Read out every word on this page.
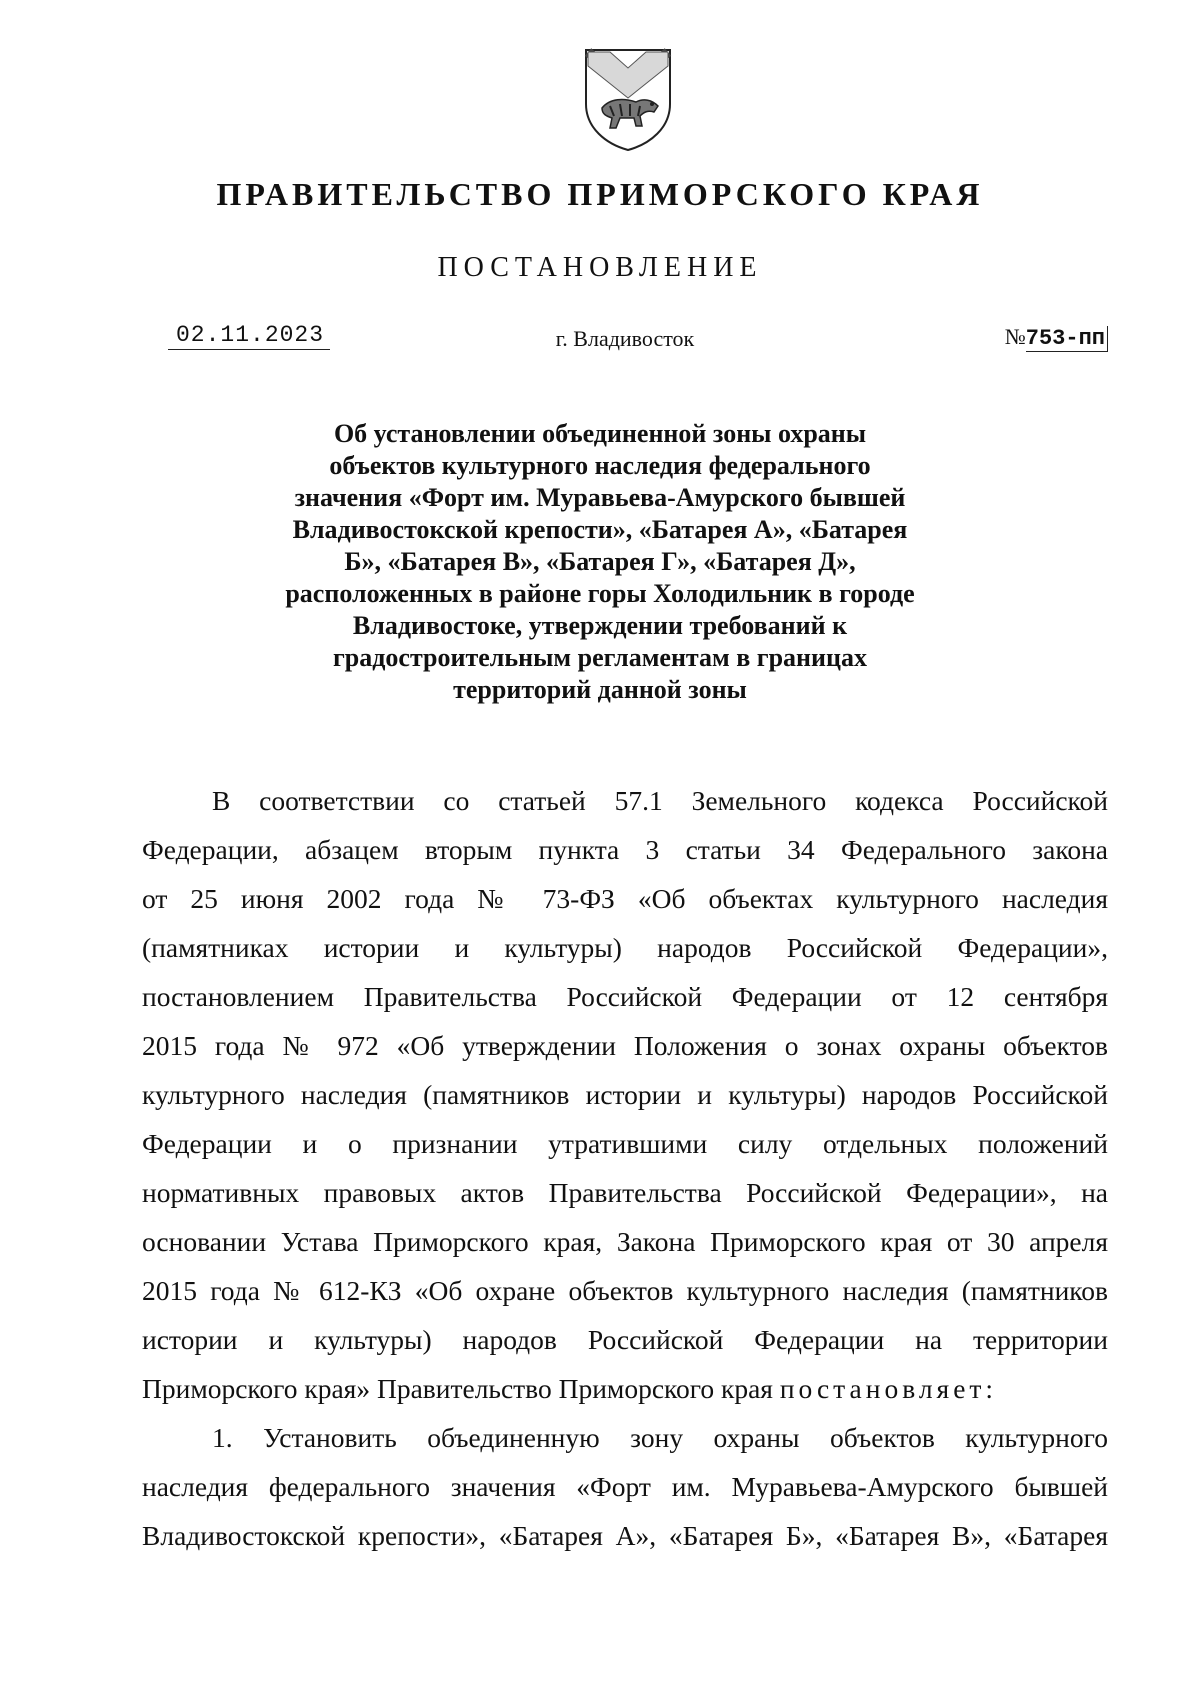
ПРАВИТЕЛЬСТВО ПРИМОРСКОГО КРАЯ
ПОСТАНОВЛЕНИЕ
02.11.2023	г. Владивосток	№753-пп
Об установлении объединенной зоны охраны
объектов культурного наследия федерального
значения «Форт им. Муравьева-Амурского бывшей
Владивостокской крепости», «Батарея А», «Батарея
Б», «Батарея В», «Батарея Г», «Батарея Д»,
расположенных в районе горы Холодильник в городе
Владивостоке, утверждении требований к
градостроительным регламентам в границах
территорий данной зоны
В соответствии со статьей 57.1 Земельного кодекса Российской
Федерации, абзацем вторым пункта 3 статьи 34 Федерального закона
от 25 июня 2002 года № 73-ФЗ «Об объектах культурного наследия
(памятниках истории и культуры) народов Российской Федерации»,
постановлением Правительства Российской Федерации от 12 сентября
2015 года № 972 «Об утверждении Положения о зонах охраны объектов
культурного наследия (памятников истории и культуры) народов Российской
Федерации и о признании утратившими силу отдельных положений
нормативных правовых актов Правительства Российской Федерации», на
основании Устава Приморского края, Закона Приморского края от 30 апреля
2015 года № 612-КЗ «Об охране объектов культурного наследия (памятников
истории и культуры) народов Российской Федерации на территории
Приморского края» Правительство Приморского края постановляет:
1. Установить объединенную зону охраны объектов культурного
наследия федерального значения «Форт им. Муравьева-Амурского бывшей
Владивостокской крепости», «Батарея А», «Батарея Б», «Батарея В», «Батарея
